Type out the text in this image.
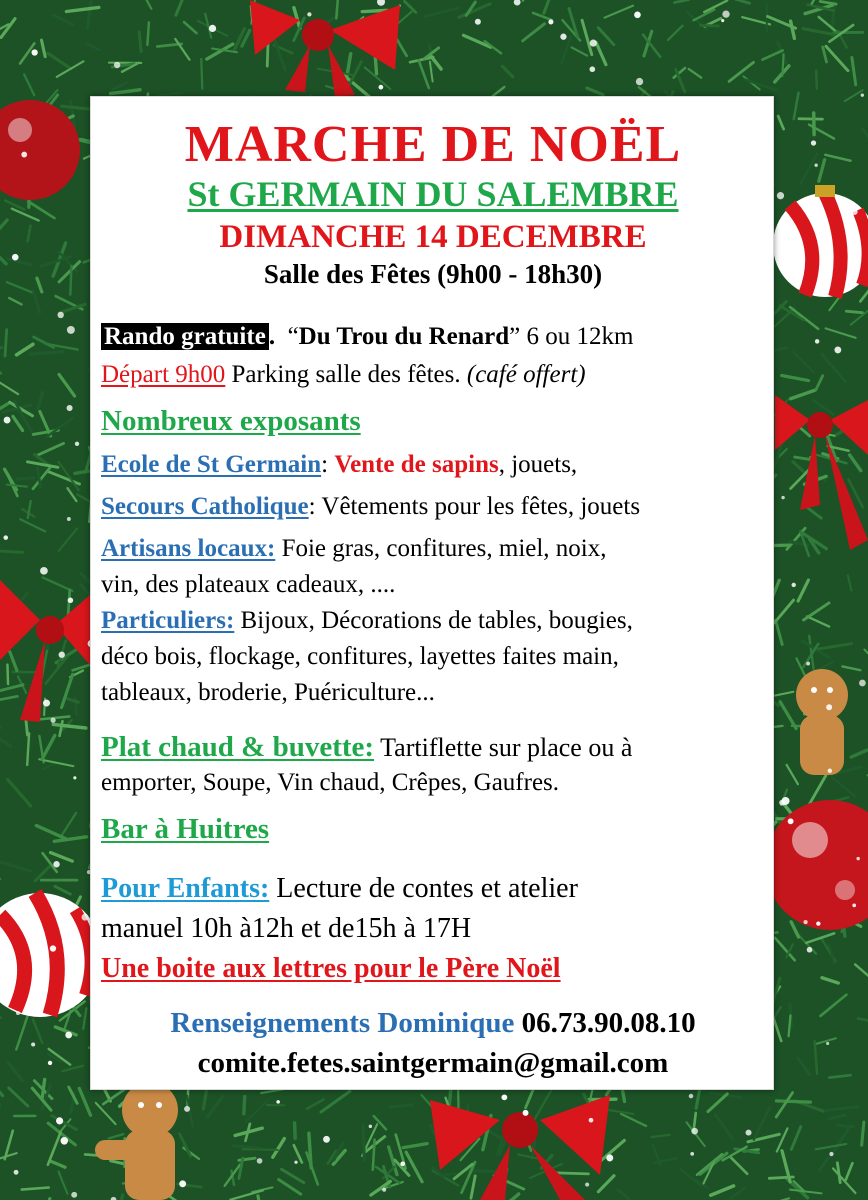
MARCHE DE NOËL
St GERMAIN DU SALEMBRE
DIMANCHE 14 DECEMBRE
Salle des Fêtes (9h00 - 18h30)
Rando gratuite . “Du Trou du Renard” 6 ou 12km
Départ 9h00 Parking salle des fêtes. (café offert)
Nombreux exposants
Ecole de St Germain: Vente de sapins, jouets,
Secours Catholique: Vêtements pour les fêtes, jouets
Artisans locaux: Foie gras, confitures, miel, noix,
vin, des plateaux cadeaux, ....
Particuliers: Bijoux, Décorations de tables, bougies,
déco bois, flockage, confitures, layettes faites main,
tableaux, broderie, Puériculture...
Plat chaud & buvette: Tartiflette sur place ou à
emporter, Soupe, Vin chaud, Crêpes, Gaufres.
Bar à Huitres
Pour Enfants: Lecture de contes et atelier
manuel 10h à12h et de15h à 17H
Une boite aux lettres pour le Père Noël
Renseignements Dominique 06.73.90.08.10
comite.fetes.saintgermain@gmail.com
